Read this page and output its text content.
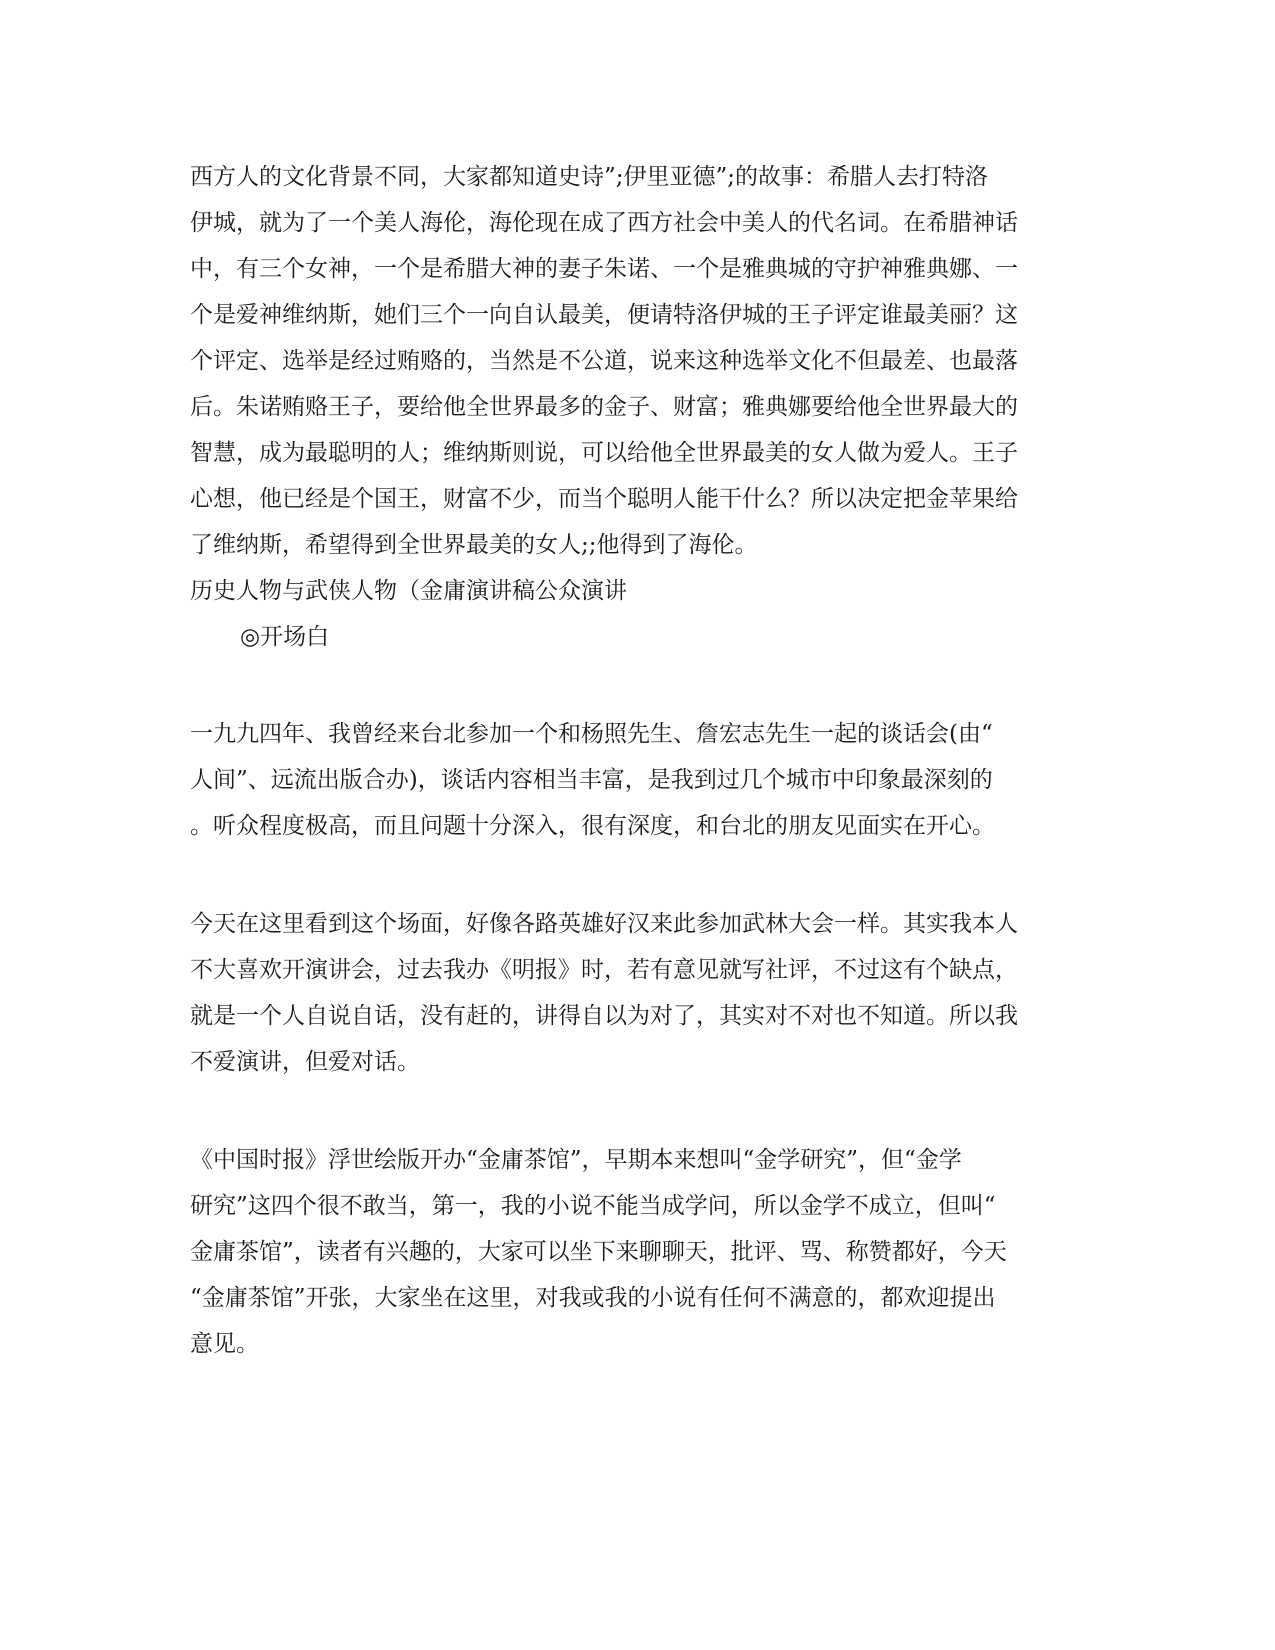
西方人的文化背景不同，大家都知道史诗”;伊里亚德”;的故事：希腊人去打特洛
伊城，就为了一个美人海伦，海伦现在成了西方社会中美人的代名词。在希腊神话
中，有三个女神，一个是希腊大神的妻子朱诺、一个是雅典城的守护神雅典娜、一
个是爱神维纳斯，她们三个一向自认最美，便请特洛伊城的王子评定谁最美丽？这
个评定、选举是经过贿赂的，当然是不公道，说来这种选举文化不但最差、也最落
后。朱诺贿赂王子，要给他全世界最多的金子、财富；雅典娜要给他全世界最大的
智慧，成为最聪明的人；维纳斯则说，可以给他全世界最美的女人做为爱人。王子
心想，他已经是个国王，财富不少，而当个聪明人能干什么？所以决定把金苹果给
了维纳斯，希望得到全世界最美的女人;;他得到了海伦。
历史人物与武侠人物（金庸演讲稿公众演讲
◎开场白
一九九四年、我曾经来台北参加一个和杨照先生、詹宏志先生一起的谈话会(由“
人间”、远流出版合办)，谈话内容相当丰富，是我到过几个城市中印象最深刻的
。听众程度极高，而且问题十分深入，很有深度，和台北的朋友见面实在开心。
今天在这里看到这个场面，好像各路英雄好汉来此参加武林大会一样。其实我本人
不大喜欢开演讲会，过去我办《明报》时，若有意见就写社评，不过这有个缺点，
就是一个人自说自话，没有赶的，讲得自以为对了，其实对不对也不知道。所以我
不爱演讲，但爱对话。
《中国时报》浮世绘版开办“金庸茶馆”，早期本来想叫“金学研究”，但“金学
研究”这四个很不敢当，第一，我的小说不能当成学问，所以金学不成立，但叫“
金庸茶馆”，读者有兴趣的，大家可以坐下来聊聊天，批评、骂、称赞都好，今天
“金庸茶馆”开张，大家坐在这里，对我或我的小说有任何不满意的，都欢迎提出
意见。
